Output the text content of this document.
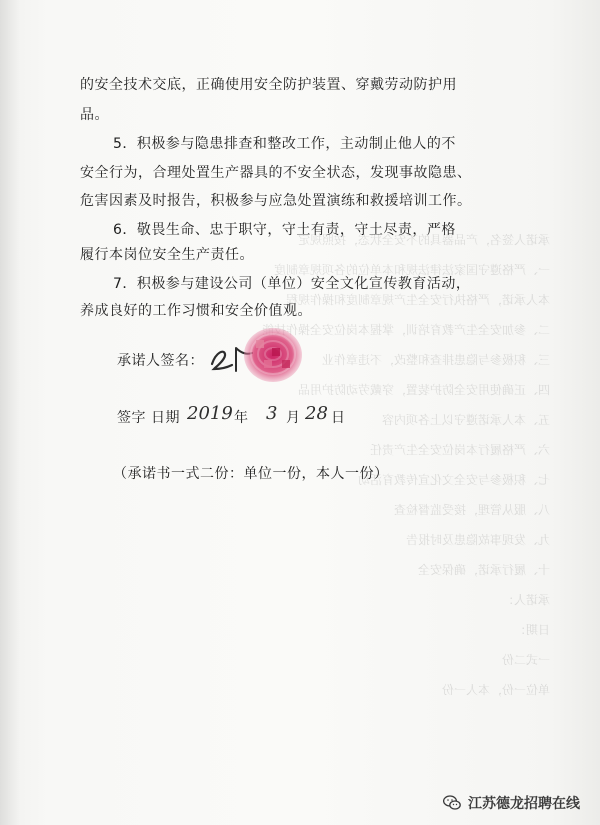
承诺人签名，产品器具的不安全状态，按照规定
一、严格遵守国家法律法规和本单位的各项规章制度
本人承诺，严格执行安全生产规章制度和操作规程
二、参加安全生产教育培训，掌握本岗位安全操作技能
三、积极参与隐患排查和整改，不违章作业
四、正确使用安全防护装置，穿戴劳动防护用品
五、本人承诺遵守以上各项内容
六、严格履行本岗位安全生产责任
七、积极参与安全文化宣传教育活动
八、服从管理，接受监督检查
九、发现事故隐患及时报告
十、履行承诺，确保安全
承诺人：
日期：
一式二份
单位一份，本人一份
的安全技术交底，正确使用安全防护装置、穿戴劳动防护用
品。
5．积极参与隐患排查和整改工作，主动制止他人的不
安全行为，合理处置生产器具的不安全状态，发现事故隐患、
危害因素及时报告，积极参与应急处置演练和救援培训工作。
6．敬畏生命、忠于职守，守土有责，守土尽责，严格
履行本岗位安全生产责任。
7．积极参与建设公司（单位）安全文化宣传教育活动，
养成良好的工作习惯和安全价值观。
承诺人签名：
签字 日期 2019 年 3 月 28 日
（承诺书一式二份：单位一份，本人一份）
江苏德龙招聘在线
